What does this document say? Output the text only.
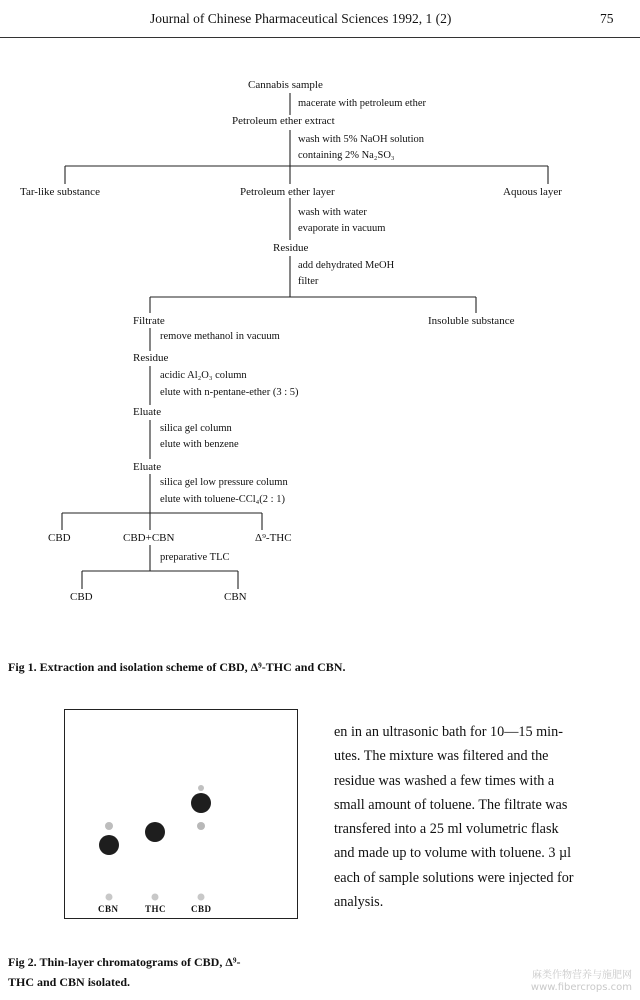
Journal of Chinese Pharmaceutical Sciences 1992, 1 (2)	75
Cannabis sample
macerate with petroleum ether
Petroleum ether extract
wash with 5% NaOH solution
containing 2% Na₂SO₃
Tar-like substance	Petroleum ether layer	Aquous layer
wash with water
evaporate in vacuum
Residue
add dehydrated MeOH
filter
Filtrate	Insoluble substance
remove methanol in vacuum
Residue
acidic Al₂O₃ column
elute with n-pentane-ether (3 : 5)
Eluate
silica gel column
elute with benzene
Eluate
silica gel low pressure column
elute with toluene-CCl₄(2 : 1)
CBD	CBD+CBN	Δ⁹-THC
preparative TLC
CBD	CBN
Fig 1. Extraction and isolation scheme of CBD, Δ⁹-THC and CBN.
CBN	THC	CBD
Fig 2. Thin-layer chromatograms of CBD, Δ⁹-
THC and CBN isolated.
en in an ultrasonic bath for 10—15 min-
utes. The mixture was filtered and the
residue was washed a few times with a
small amount of toluene. The filtrate was
transfered into a 25 ml volumetric flask
and made up to volume with toluene. 3 µl
each of sample solutions were injected for
analysis.
麻类作物营养与施肥网
www.fibercrops.com
